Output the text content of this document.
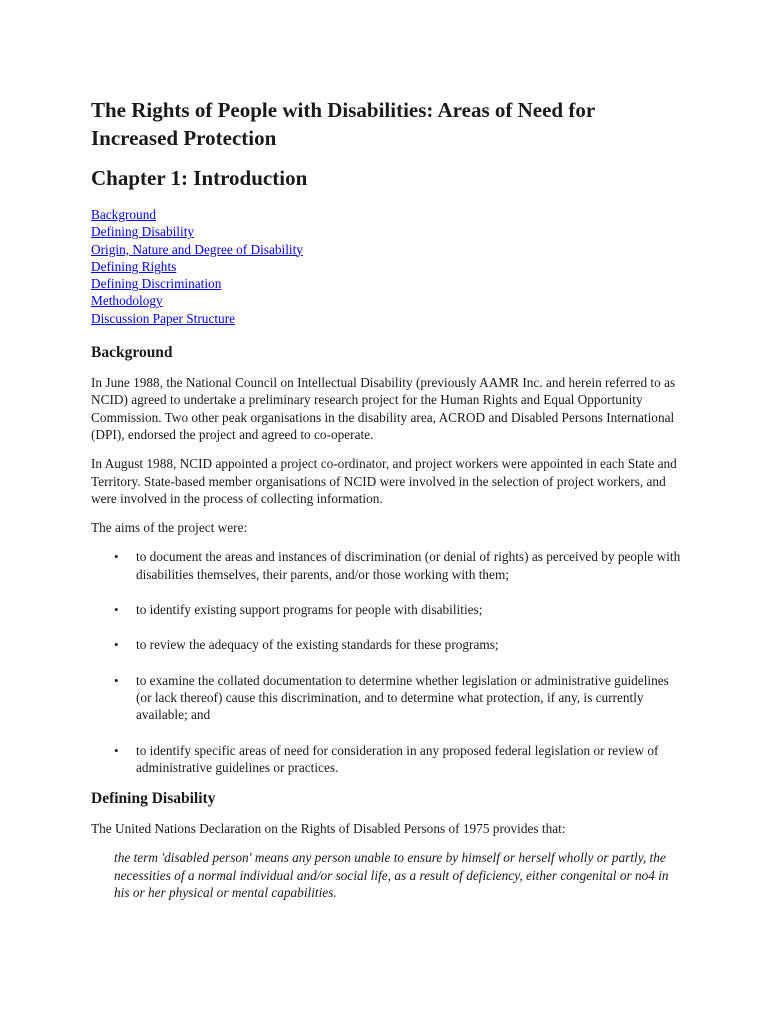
The Rights of People with Disabilities: Areas of Need for Increased Protection
Chapter 1: Introduction
Background
Defining Disability
Origin, Nature and Degree of Disability
Defining Rights
Defining Discrimination
Methodology
Discussion Paper Structure
Background

In June 1988, the National Council on Intellectual Disability (previously AAMR Inc. and herein referred to as NCID) agreed to undertake a preliminary research project for the Human Rights and Equal Opportunity Commission. Two other peak organisations in the disability area, ACROD and Disabled Persons International (DPI), endorsed the project and agreed to co-operate.

In August 1988, NCID appointed a project co-ordinator, and project workers were appointed in each State and Territory. State-based member organisations of NCID were involved in the selection of project workers, and were involved in the process of collecting information.

The aims of the project were:

• to document the areas and instances of discrimination (or denial of rights) as perceived by people with disabilities themselves, their parents, and/or those working with them;
• to identify existing support programs for people with disabilities;
• to review the adequacy of the existing standards for these programs;
• to examine the collated documentation to determine whether legislation or administrative guidelines (or lack thereof) cause this discrimination, and to determine what protection, if any, is currently available; and
• to identify specific areas of need for consideration in any proposed federal legislation or review of administrative guidelines or practices.
Defining Disability

The United Nations Declaration on the Rights of Disabled Persons of 1975 provides that:

the term 'disabled person' means any person unable to ensure by himself or herself wholly or partly, the necessities of a normal individual and/or social life, as a result of deficiency, either congenital or no4 in his or her physical or mental capabilities.
